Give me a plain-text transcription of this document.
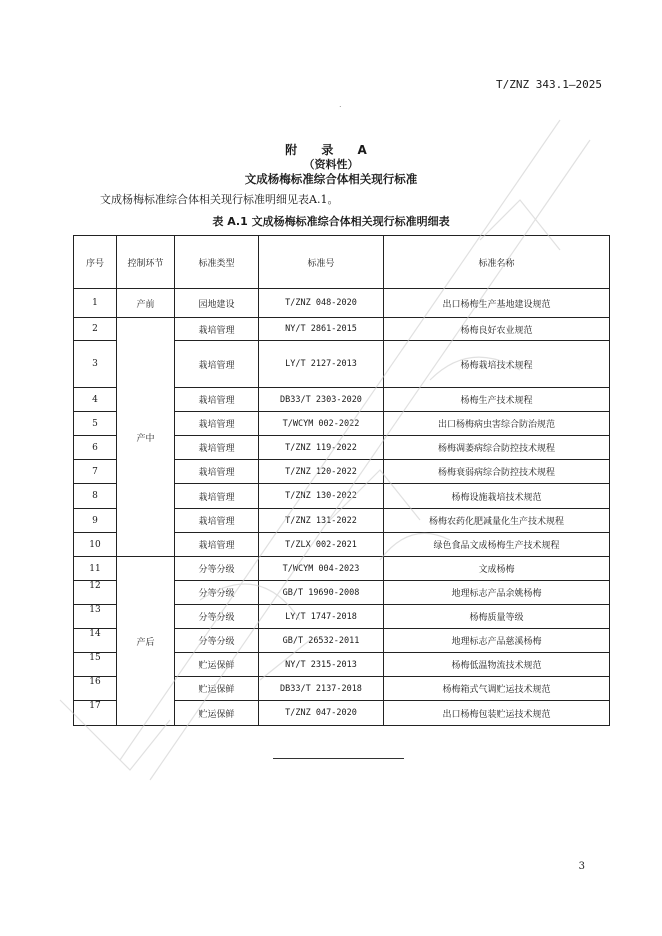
T/ZNZ 343.1—2025
.
附 录 A
（资料性）
文成杨梅标准综合体相关现行标准
文成杨梅标准综合体相关现行标准明细见表A.1。
表 A.1 文成杨梅标准综合体相关现行标准明细表
序号	控制环节	标准类型	标准号	标准名称
1	产前	园地建设	T/ZNZ 048-2020	出口杨梅生产基地建设规范
2	产中	栽培管理	NY/T 2861-2015	杨梅良好农业规范
3		栽培管理	LY/T 2127-2013	杨梅栽培技术规程
4		栽培管理	DB33/T 2303-2020	杨梅生产技术规程
5		栽培管理	T/WCYM 002-2022	出口杨梅病虫害综合防治规范
6		栽培管理	T/ZNZ 119-2022	杨梅凋萎病综合防控技术规程
7		栽培管理	T/ZNZ 120-2022	杨梅衰弱病综合防控技术规程
8		栽培管理	T/ZNZ 130-2022	杨梅设施栽培技术规范
9		栽培管理	T/ZNZ 131-2022	杨梅农药化肥减量化生产技术规程
10		栽培管理	T/ZLX 002-2021	绿色食品文成杨梅生产技术规程
11	产后	分等分级	T/WCYM 004-2023	文成杨梅
12		分等分级	GB/T 19690-2008	地理标志产品余姚杨梅
13		分等分级	LY/T 1747-2018	杨梅质量等级
14		分等分级	GB/T 26532-2011	地理标志产品慈溪杨梅
15		贮运保鲜	NY/T 2315-2013	杨梅低温物流技术规范
16		贮运保鲜	DB33/T 2137-2018	杨梅箱式气调贮运技术规范
17		贮运保鲜	T/ZNZ 047-2020	出口杨梅包装贮运技术规范
3
